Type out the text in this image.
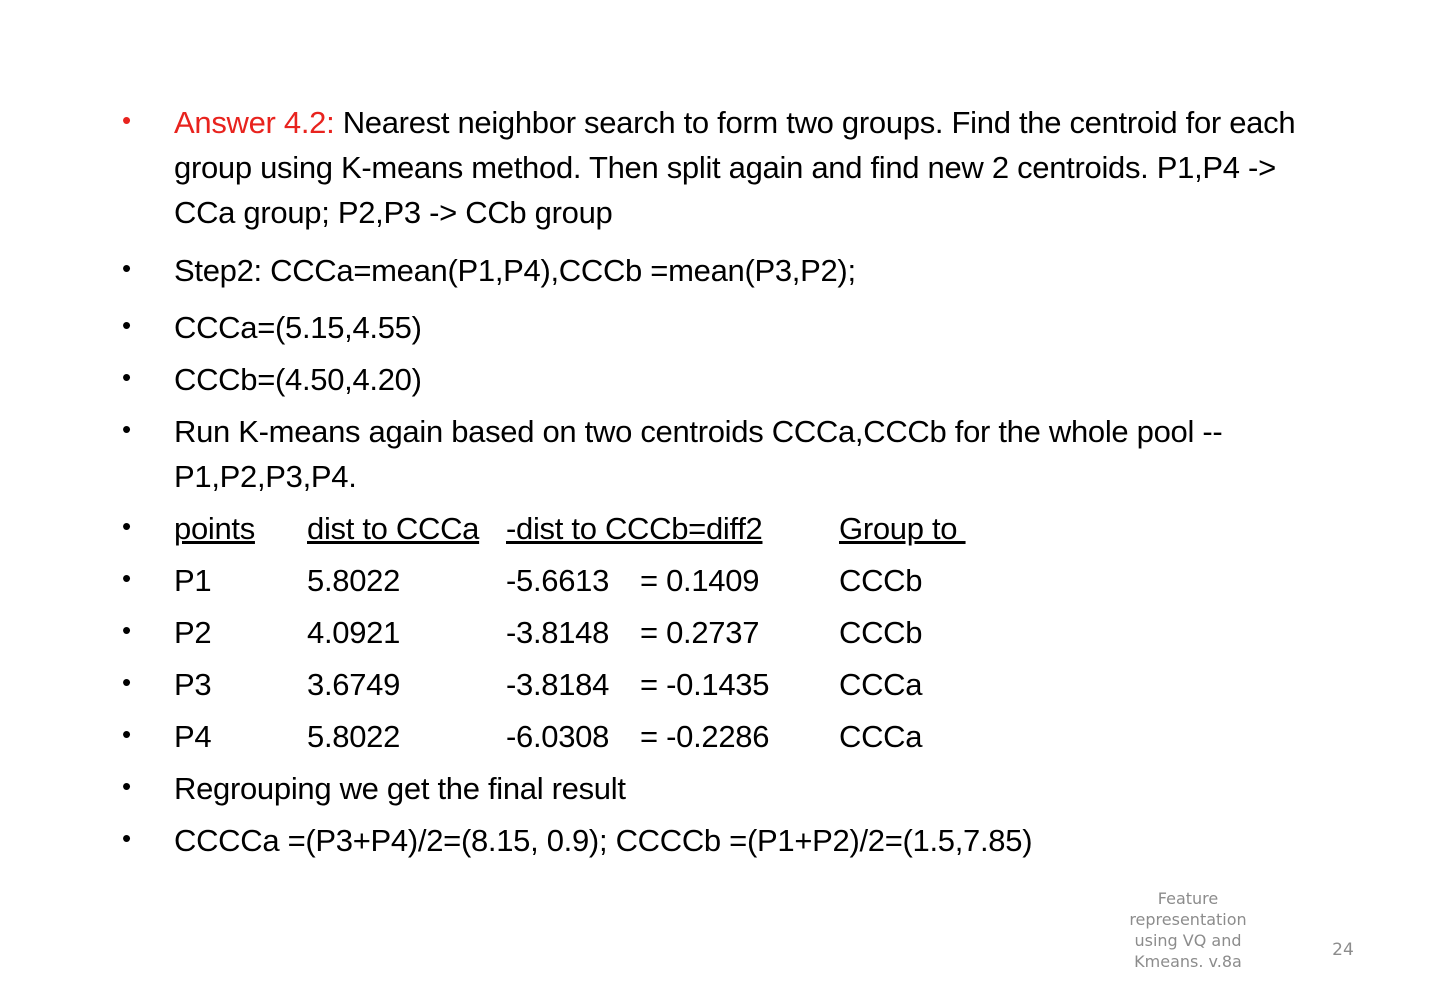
•	Answer 4.2: Nearest neighbor search to form two groups. Find the centroid for each group using K-means method. Then split again and find new 2 centroids. P1,P4 -> CCa group; P2,P3 -> CCb group
•	Step2: CCCa=mean(P1,P4),CCCb =mean(P3,P2);
•	CCCa=(5.15,4.55)
•	CCCb=(4.50,4.20)
•	Run K-means again based on two centroids CCCa,CCCb for the whole pool -- P1,P2,P3,P4.
•	points	dist to CCCa -dist to CCCb=diff2	Group to
•	P1	5.8022	-5.6613 = 0.1409	CCCb
•	P2	4.0921	-3.8148 = 0.2737	CCCb
•	P3	3.6749	-3.8184 = -0.1435	CCCa
•	P4	5.8022	-6.0308 = -0.2286	CCCa
•	Regrouping we get the final result
•	CCCCa =(P3+P4)/2=(8.15, 0.9); CCCCb =(P1+P2)/2=(1.5,7.85)
Feature representation using VQ and Kmeans. v.8a
24
